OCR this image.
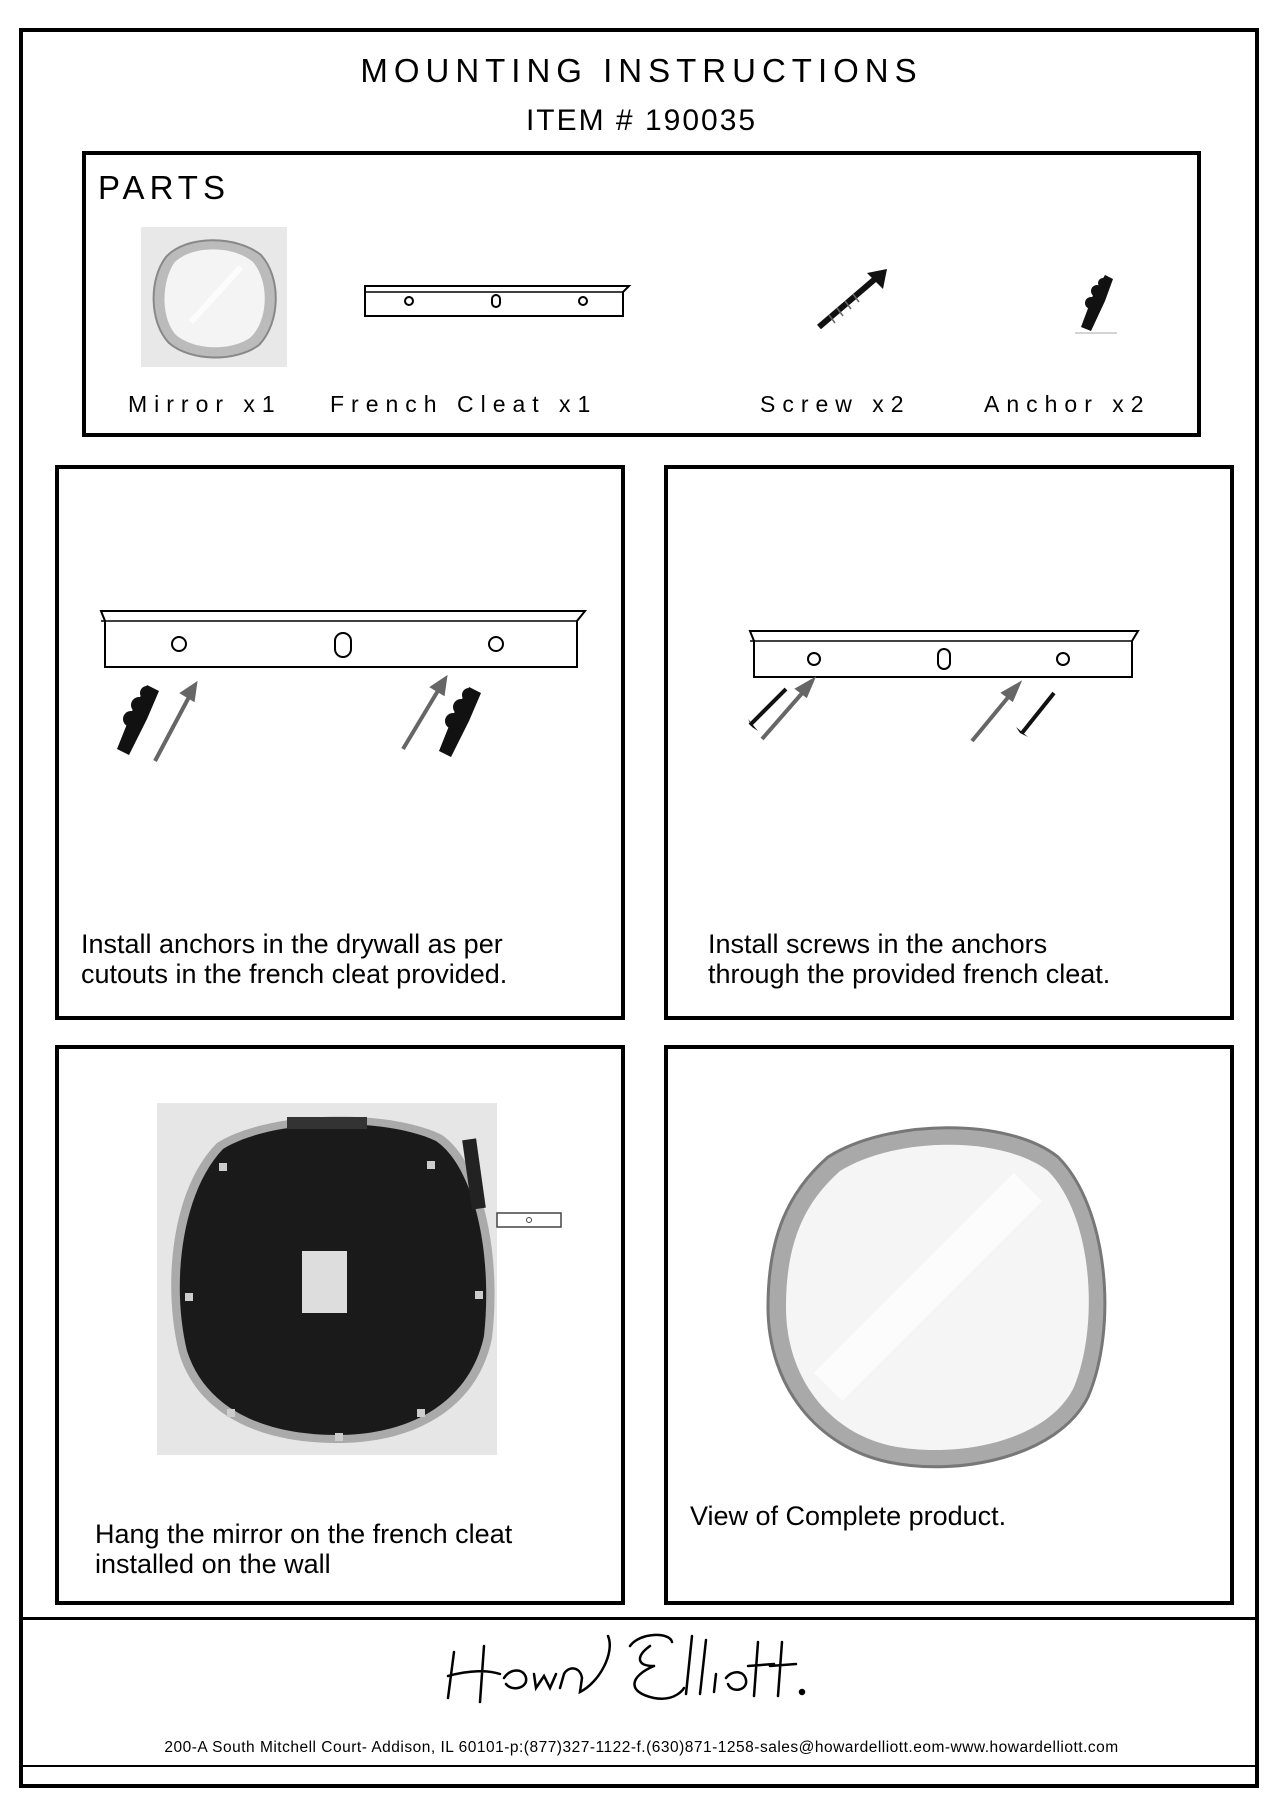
MOUNTING INSTRUCTIONS
ITEM # 190035
PARTS
Mirror x1 French Cleat x1	Screw x2	Anchor x2
Install anchors in the drywall as per
cutouts in the french cleat provided.
Install screws in the anchors
through the provided french cleat.
Hang the mirror on the french cleat
installed on the wall
View of Complete product.
200-A South Mitchell Court- Addison, IL 60101-p:(877)327-1122-f.(630)871-1258-sales@howardelliott.eom-www.howardelliott.com
